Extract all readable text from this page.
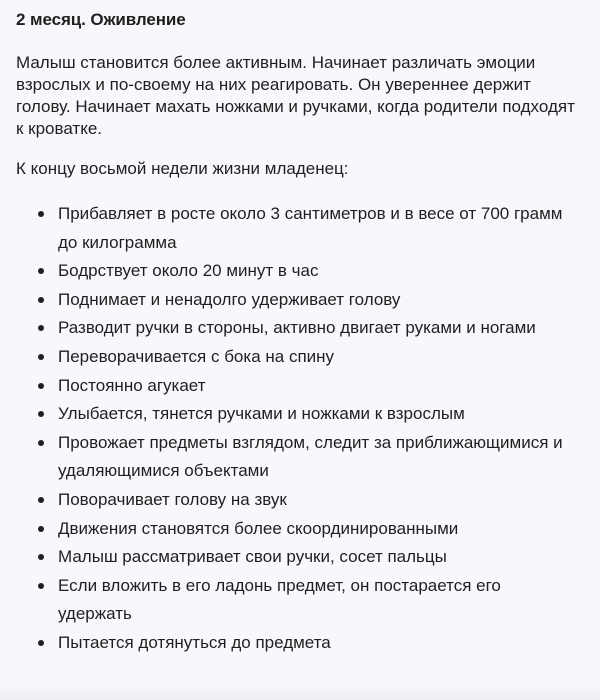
2 месяц. Оживление

Малыш становится более активным. Начинает различать эмоции взрослых и по-своему на них реагировать. Он увереннее держит голову. Начинает махать ножками и ручками, когда родители подходят к кроватке.

К концу восьмой недели жизни младенец:

Прибавляет в росте около 3 сантиметров и в весе от 700 грамм до килограмма
Бодрствует около 20 минут в час
Поднимает и ненадолго удерживает голову
Разводит ручки в стороны, активно двигает руками и ногами
Переворачивается с бока на спину
Постоянно агукает
Улыбается, тянется ручками и ножками к взрослым
Провожает предметы взглядом, следит за приближающимися и удаляющимися объектами
Поворачивает голову на звук
Движения становятся более скоординированными
Малыш рассматривает свои ручки, сосет пальцы
Если вложить в его ладонь предмет, он постарается его удержать
Пытается дотянуться до предмета
